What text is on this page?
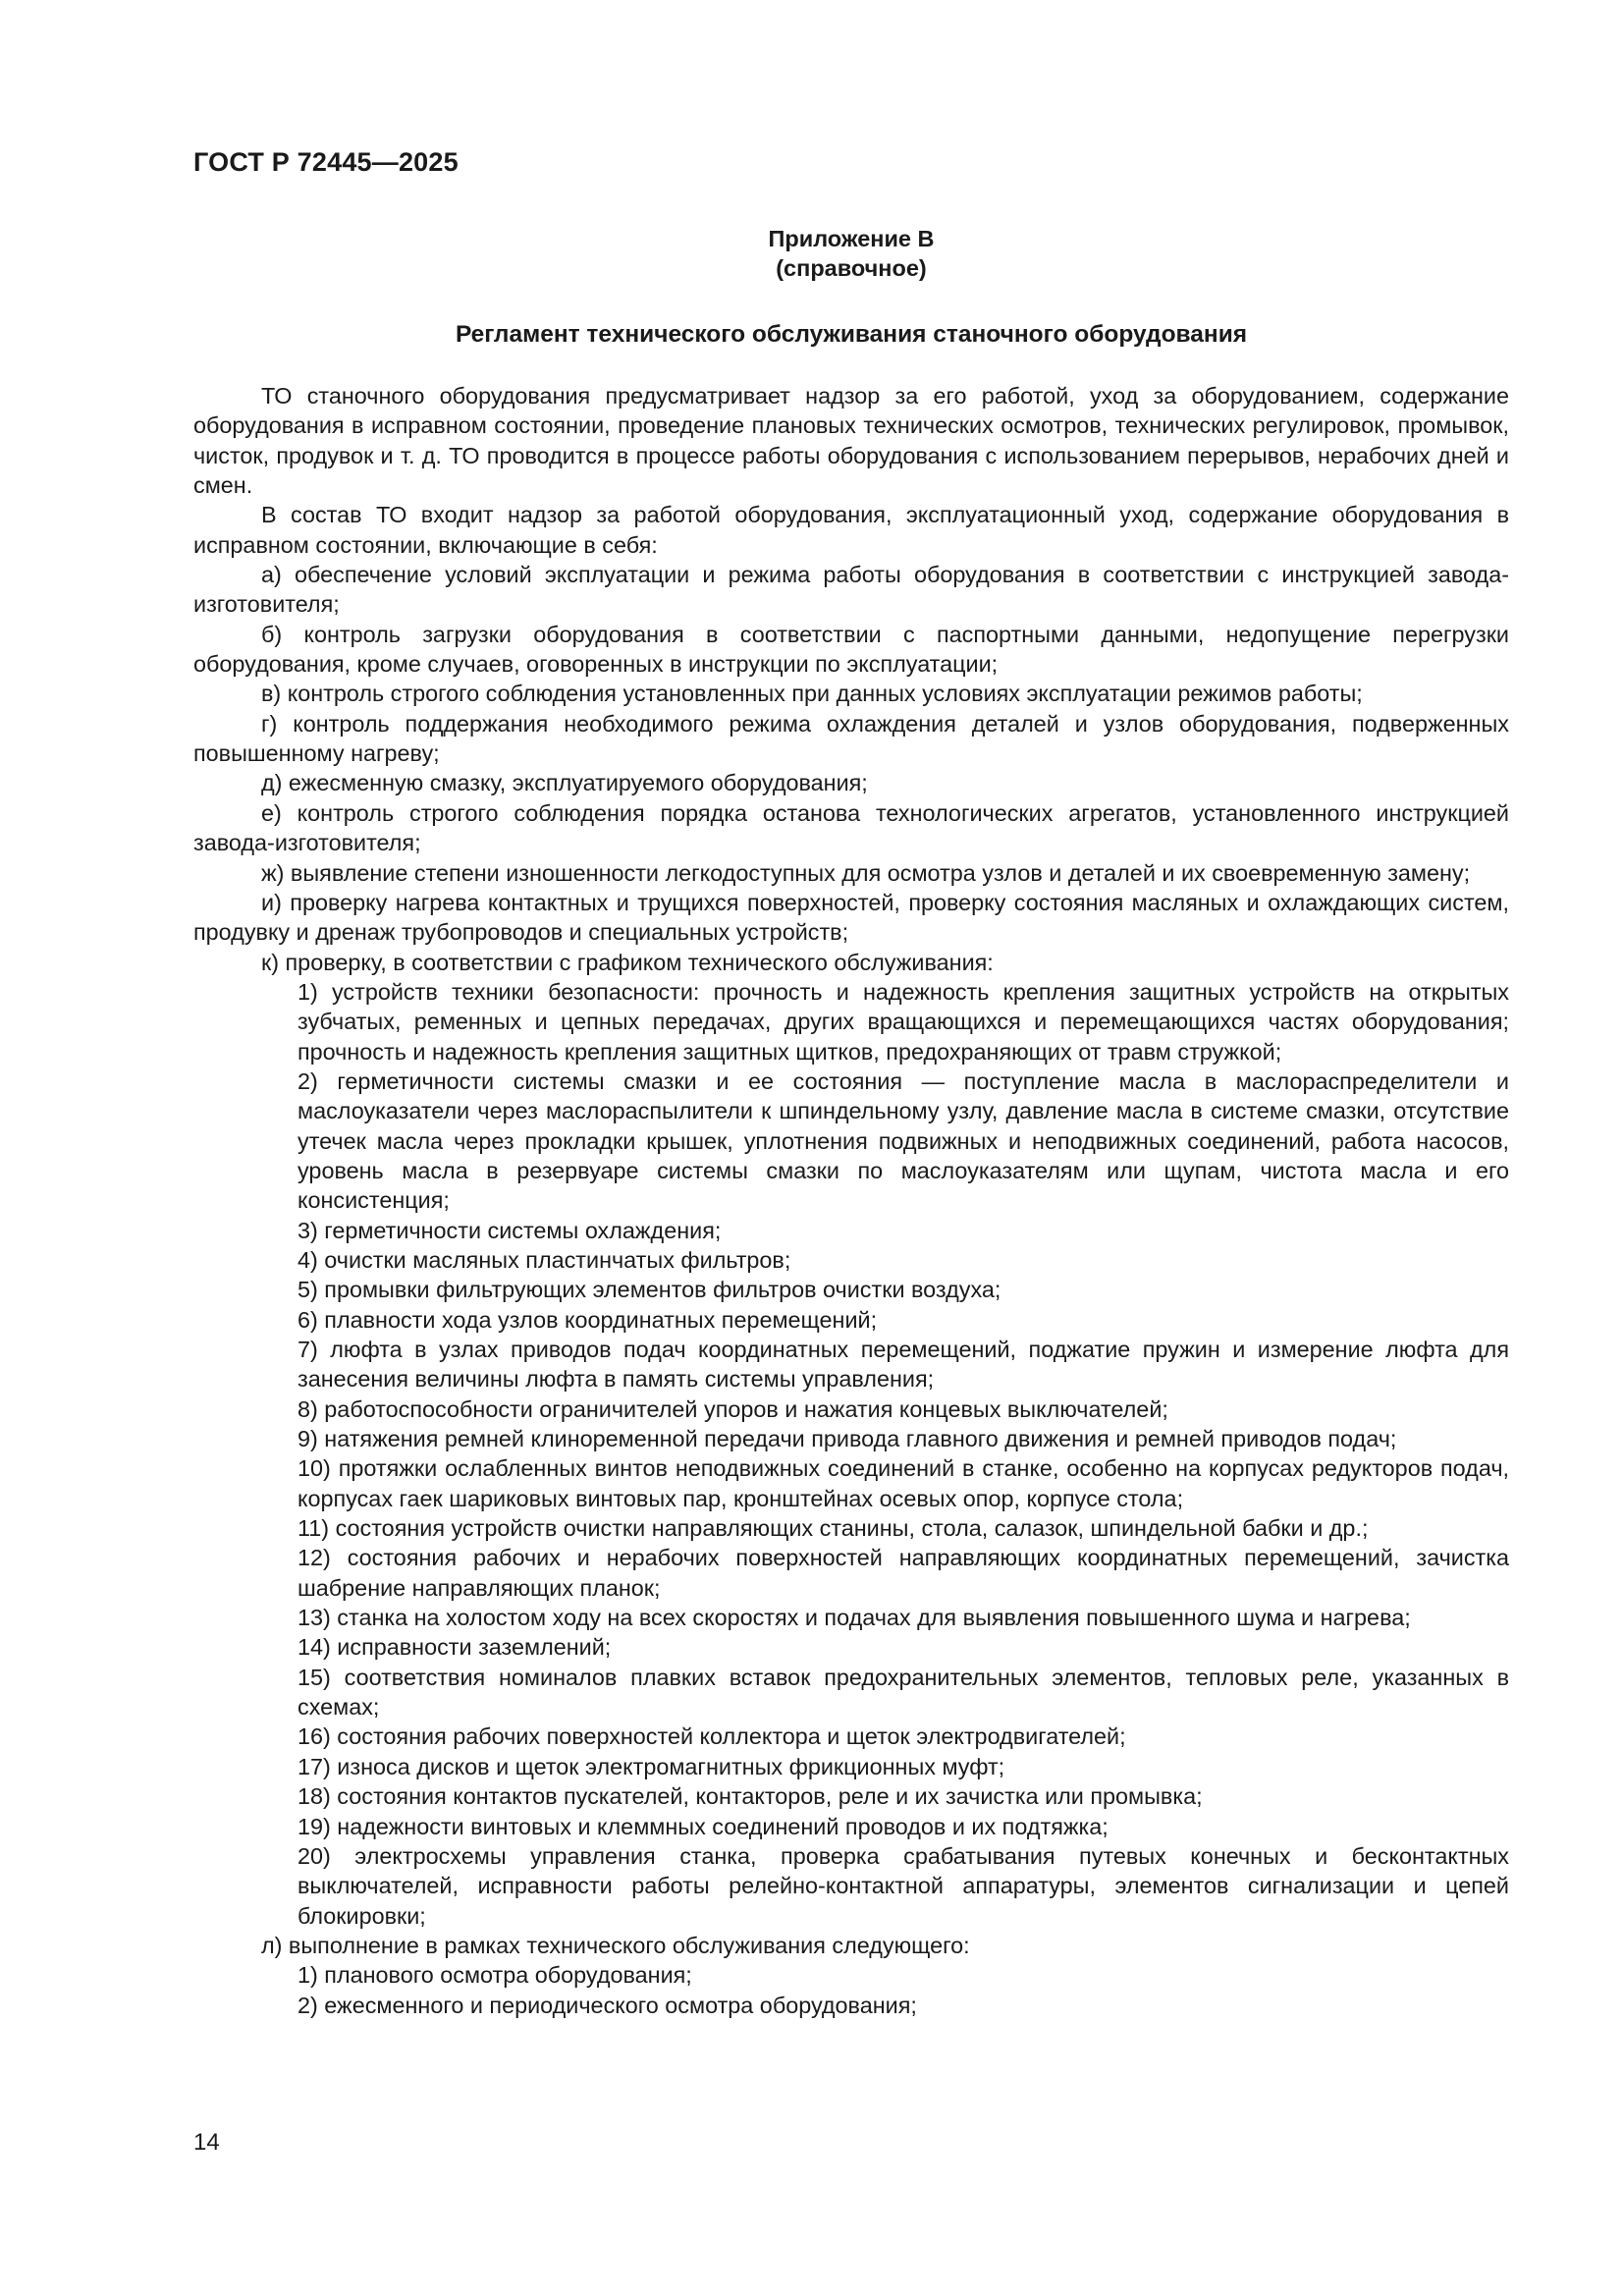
ГОСТ Р 72445—2025
Приложение В
(справочное)
Регламент технического обслуживания станочного оборудования

ТО станочного оборудования предусматривает надзор за его работой, уход за оборудованием, содержание оборудования в исправном состоянии, проведение плановых технических осмотров, технических регулировок, промывок, чисток, продувок и т. д. ТО проводится в процессе работы оборудования с использованием перерывов, нерабочих дней и смен.

В состав ТО входит надзор за работой оборудования, эксплуатационный уход, содержание оборудования в исправном состоянии, включающие в себя:

а) обеспечение условий эксплуатации и режима работы оборудования в соответствии с инструкцией завода-изготовителя;

б) контроль загрузки оборудования в соответствии с паспортными данными, недопущение перегрузки оборудования, кроме случаев, оговоренных в инструкции по эксплуатации;

в) контроль строгого соблюдения установленных при данных условиях эксплуатации режимов работы;

г) контроль поддержания необходимого режима охлаждения деталей и узлов оборудования, подверженных повышенному нагреву;

д) ежесменную смазку, эксплуатируемого оборудования;

е) контроль строгого соблюдения порядка останова технологических агрегатов, установленного инструкцией завода-изготовителя;

ж) выявление степени изношенности легкодоступных для осмотра узлов и деталей и их своевременную замену;

и) проверку нагрева контактных и трущихся поверхностей, проверку состояния масляных и охлаждающих систем, продувку и дренаж трубопроводов и специальных устройств;

к) проверку, в соответствии с графиком технического обслуживания:

1) устройств техники безопасности: прочность и надежность крепления защитных устройств на открытых зубчатых, ременных и цепных передачах, других вращающихся и перемещающихся частях оборудования; прочность и надежность крепления защитных щитков, предохраняющих от травм стружкой;

2) герметичности системы смазки и ее состояния — поступление масла в маслораспределители и маслоуказатели через маслораспылители к шпиндельному узлу, давление масла в системе смазки, отсутствие утечек масла через прокладки крышек, уплотнения подвижных и неподвижных соединений, работа насосов, уровень масла в резервуаре системы смазки по маслоуказателям или щупам, чистота масла и его консистенция;

3) герметичности системы охлаждения;

4) очистки масляных пластинчатых фильтров;

5) промывки фильтрующих элементов фильтров очистки воздуха;

6) плавности хода узлов координатных перемещений;

7) люфта в узлах приводов подач координатных перемещений, поджатие пружин и измерение люфта для занесения величины люфта в память системы управления;

8) работоспособности ограничителей упоров и нажатия концевых выключателей;

9) натяжения ремней клиноременной передачи привода главного движения и ремней приводов подач;

10) протяжки ослабленных винтов неподвижных соединений в станке, особенно на корпусах редукторов подач, корпусах гаек шариковых винтовых пар, кронштейнах осевых опор, корпусе стола;

11) состояния устройств очистки направляющих станины, стола, салазок, шпиндельной бабки и др.;

12) состояния рабочих и нерабочих поверхностей направляющих координатных перемещений, зачистка шабрение направляющих планок;

13) станка на холостом ходу на всех скоростях и подачах для выявления повышенного шума и нагрева;

14) исправности заземлений;

15) соответствия номиналов плавких вставок предохранительных элементов, тепловых реле, указанных в схемах;

16) состояния рабочих поверхностей коллектора и щеток электродвигателей;

17) износа дисков и щеток электромагнитных фрикционных муфт;

18) состояния контактов пускателей, контакторов, реле и их зачистка или промывка;

19) надежности винтовых и клеммных соединений проводов и их подтяжка;

20) электросхемы управления станка, проверка срабатывания путевых конечных и бесконтактных выключателей, исправности работы релейно-контактной аппаратуры, элементов сигнализации и цепей блокировки;

л) выполнение в рамках технического обслуживания следующего:

1) планового осмотра оборудования;

2) ежесменного и периодического осмотра оборудования;

14
